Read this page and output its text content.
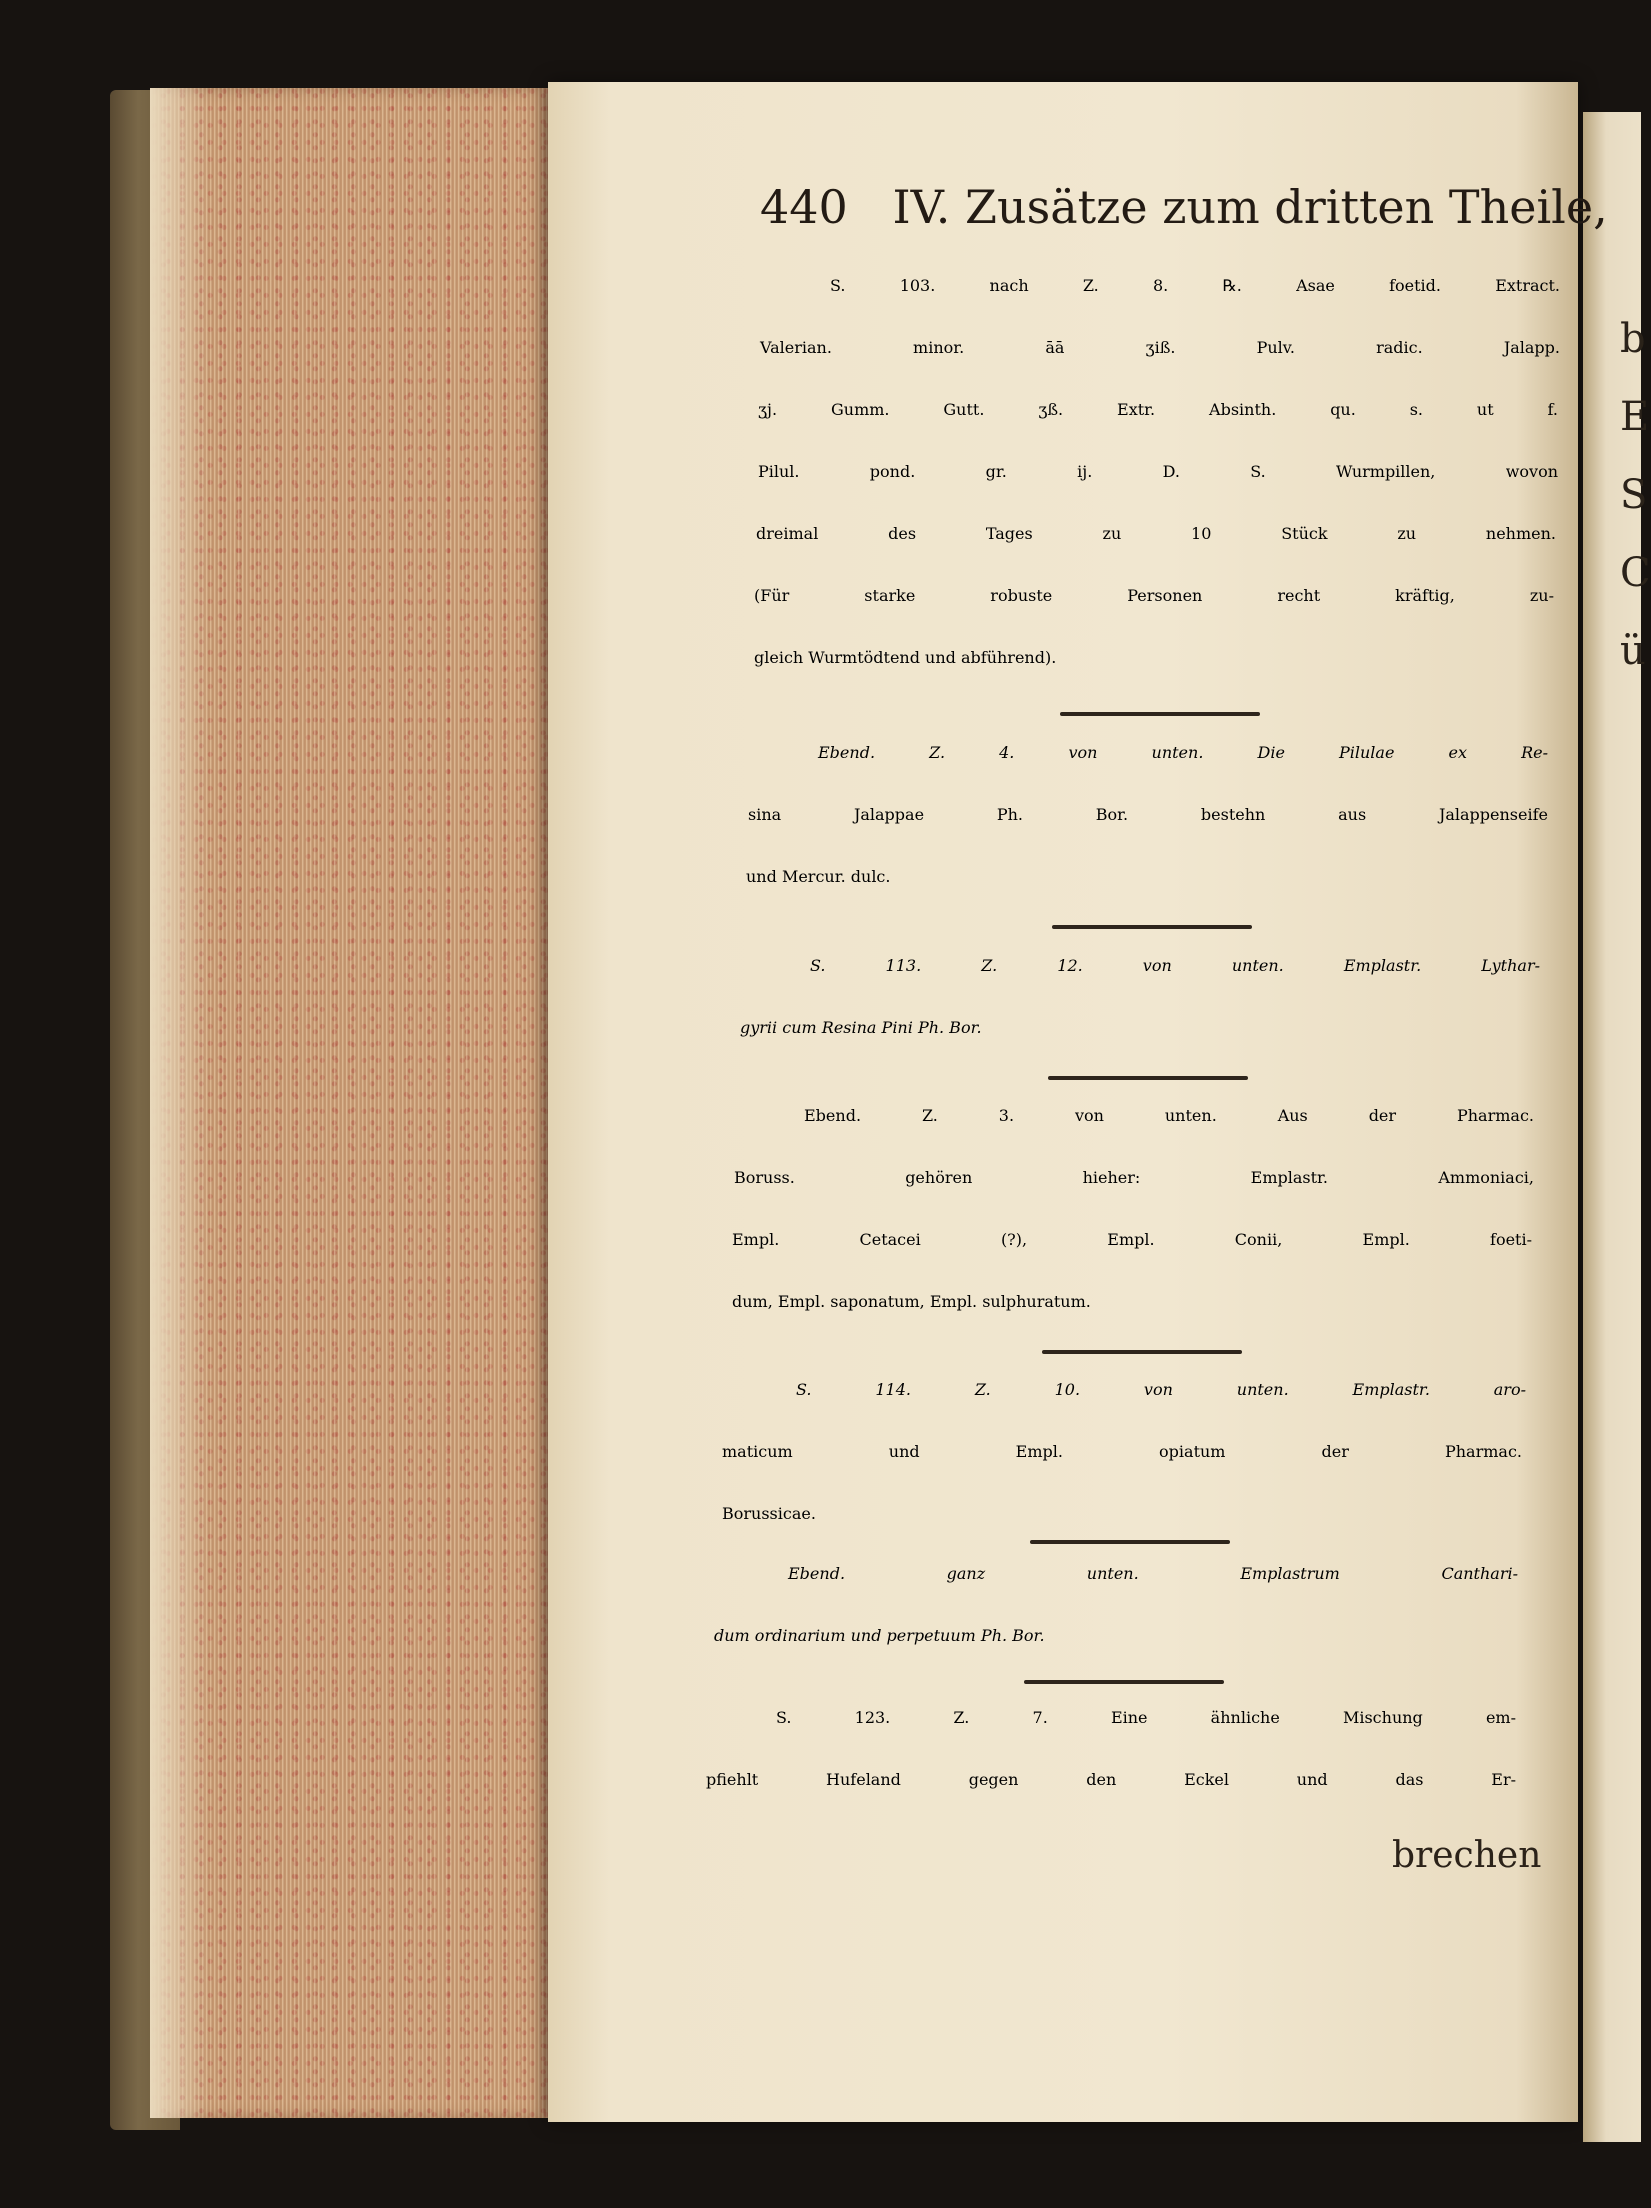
b
E
S
C
ü
440 IV. Zusätze zum dritten Theile,
S. 103. nach Z. 8. ℞. Asae foetid. Extract.
Valerian. minor. āā ʒiß. Pulv. radic. Jalapp.
ʒj. Gumm. Gutt. ʒß. Extr. Absinth. qu. s. ut f.
Pilul. pond. gr. ij. D. S. Wurmpillen, wovon
dreimal des Tages zu 10 Stück zu nehmen.
(Für starke robuste Personen recht kräftig, zu-
gleich Wurmtödtend und abführend).
Ebend. Z. 4. von unten. Die Pilulae ex Re-
sina Jalappae Ph. Bor. bestehn aus Jalappenseife
und Mercur. dulc.
S. 113. Z. 12. von unten. Emplastr. Lythar-
gyrii cum Resina Pini Ph. Bor.
Ebend. Z. 3. von unten. Aus der Pharmac.
Boruss. gehören hieher: Emplastr. Ammoniaci,
Empl. Cetacei (?), Empl. Conii, Empl. foeti-
dum, Empl. saponatum, Empl. sulphuratum.
S. 114. Z. 10. von unten. Emplastr. aro-
maticum und Empl. opiatum der Pharmac.
Borussicae.
Ebend. ganz unten. Emplastrum Canthari-
dum ordinarium und perpetuum Ph. Bor.
S. 123. Z. 7. Eine ähnliche Mischung em-
pfiehlt Hufeland gegen den Eckel und das Er-
brechen
